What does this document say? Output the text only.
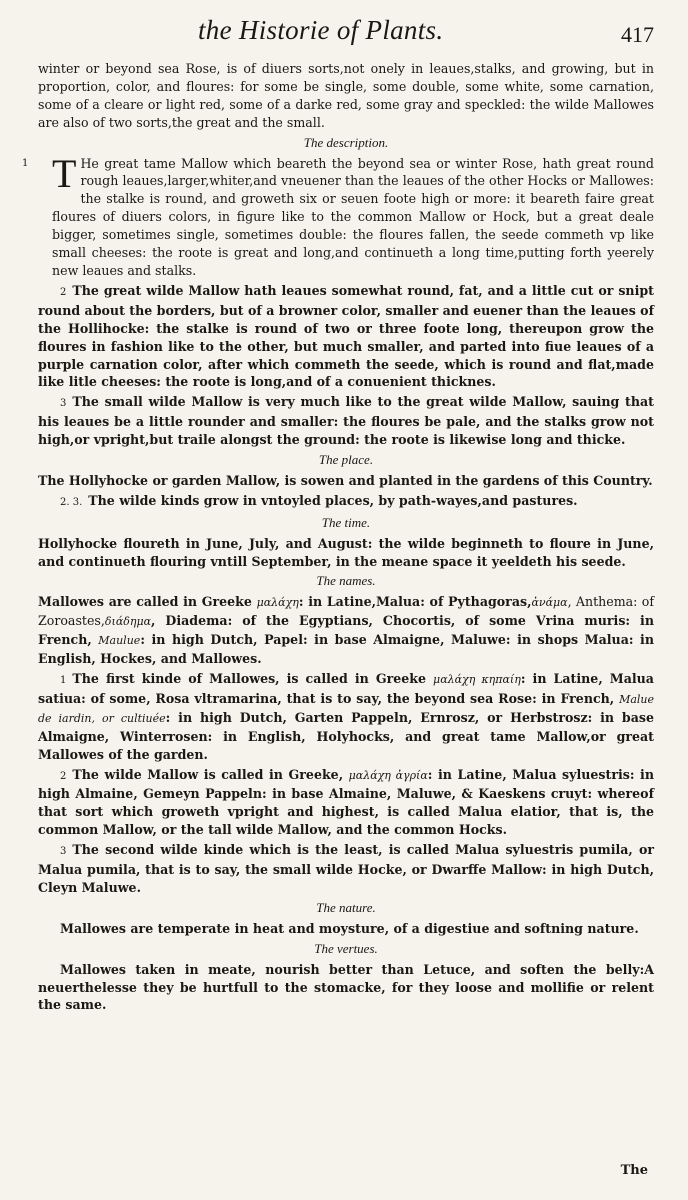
the Historie of Plants.	417

winter or beyond sea Rose, is of diuers sorts,not onely in leaues,stalks, and growing, but in proportion, color, and floures: for some be single, some double, some white, some carnation, some of a cleare or light red, some of a darke red, some gray and speckled: the wilde Mallowes are also of two sorts,the great and the small.

The description.

1 T He great tame Mallow which beareth the beyond sea or winter Rose, hath great round rough leaues,larger,whiter,and vneuener than the leaues of the other Hocks or Mallowes: the stalke is round, and groweth six or seuen foote high or more: it beareth faire great floures of diuers colors, in figure like to the common Mallow or Hock, but a great deale bigger, sometimes single, sometimes double: the floures fallen, the seede commeth vp like small cheeses: the roote is great and long,and continueth a long time,putting forth yeerely new leaues and stalks.

2 The great wilde Mallow hath leaues somewhat round, fat, and a little cut or snipt round about the borders, but of a browner color, smaller and euener than the leaues of the Hollihocke: the stalke is round of two or three foote long, thereupon grow the floures in fashion like to the other, but much smaller, and parted into fiue leaues of a purple carnation color, after which commeth the seede, which is round and flat,made like litle cheeses: the roote is long,and of a conuenient thicknes.

3 The small wilde Mallow is very much like to the great wilde Mallow, sauing that his leaues be a little rounder and smaller: the floures be pale, and the stalks grow not high,or vpright,but traile alongst the ground: the roote is likewise long and thicke.

The place.

The Hollyhocke or garden Mallow, is sowen and planted in the gardens of this Country.

2. 3. The wilde kinds grow in vntoyled places, by path-wayes,and pastures.

The time.

Hollyhocke floureth in June, July, and August: the wilde beginneth to floure in June, and continueth flouring vntill September, in the meane space it yeeldeth his seede.

The names.

Mallowes are called in Greeke μαλάχη: in Latine,Malua: of Pythagoras,ἀνάμα, Anthema: of Zoroastes,διάδημα, Diadema: of the Egyptians, Chocortis, of some Vrina muris: in French, Maulue: in high Dutch, Papel: in base Almaigne, Maluwe: in shops Malua: in English, Hockes, and Mallowes.

1 The first kinde of Mallowes, is called in Greeke μαλάχη κηπαίη: in Latine, Malua satiua: of some, Rosa vltramarina, that is to say, the beyond sea Rose: in French, Malue de iardin, or cultiuée: in high Dutch, Garten Pappeln, Ernrosz, or Herbstrosz: in base Almaigne, Winterrosen: in English, Holyhocks, and great tame Mallow,or great Mallowes of the garden.

2 The wilde Mallow is called in Greeke, μαλάχη ἀγρία: in Latine, Malua syluestris: in high Almaine, Gemeyn Pappeln: in base Almaine, Maluwe, & Kaeskens cruyt: whereof that sort which groweth vpright and highest, is called Malua elatior, that is, the common Mallow, or the tall wilde Mallow, and the common Hocks.

3 The second wilde kinde which is the least, is called Malua syluestris pumila, or Malua pumila, that is to say, the small wilde Hocke, or Dwarffe Mallow: in high Dutch, Cleyn Maluwe.

The nature.

Mallowes are temperate in heat and moysture, of a digestiue and softning nature.

The vertues.

Mallowes taken in meate, nourish better than Letuce, and soften the belly:A neuerthelesse they be hurtfull to the stomacke, for they loose and mollifie or relent the same.

The
